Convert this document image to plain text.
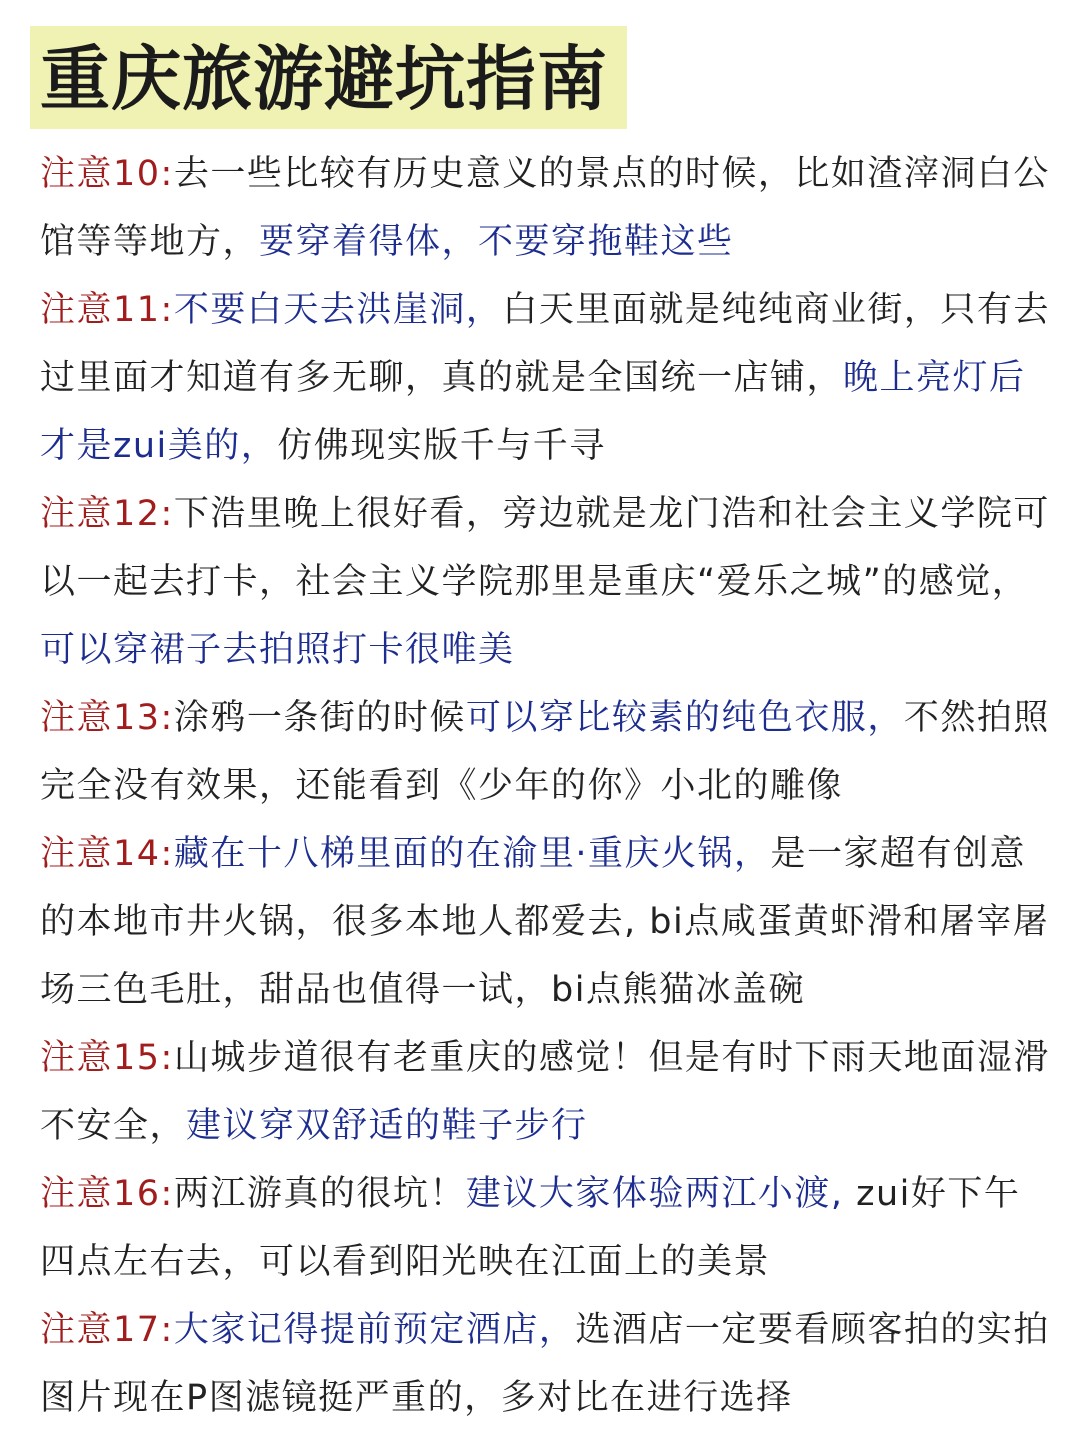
重庆旅游避坑指南
注意10:去一些比较有历史意义的景点的时候，比如渣滓洞白公馆等等地方，要穿着得体，不要穿拖鞋这些
注意11:不要白天去洪崖洞，白天里面就是纯纯商业街，只有去过里面才知道有多无聊，真的就是全国统一店铺，晚上亮灯后才是zui美的，仿佛现实版千与千寻
注意12:下浩里晚上很好看，旁边就是龙门浩和社会主义学院可以一起去打卡，社会主义学院那里是重庆“爱乐之城”的感觉，可以穿裙子去拍照打卡很唯美
注意13:涂鸦一条街的时候可以穿比较素的纯色衣服，不然拍照完全没有效果，还能看到《少年的你》小北的雕像
注意14:藏在十八梯里面的在渝里·重庆火锅，是一家超有创意的本地市井火锅，很多本地人都爱去, bi点咸蛋黄虾滑和屠宰屠场三色毛肚，甜品也值得一试，bi点熊猫冰盖碗
注意15:山城步道很有老重庆的感觉！但是有时下雨天地面湿滑不安全，建议穿双舒适的鞋子步行
注意16:两江游真的很坑！建议大家体验两江小渡, zui好下午四点左右去，可以看到阳光映在江面上的美景
注意17:大家记得提前预定酒店，选酒店一定要看顾客拍的实拍图片现在P图滤镜挺严重的，多对比在进行选择
